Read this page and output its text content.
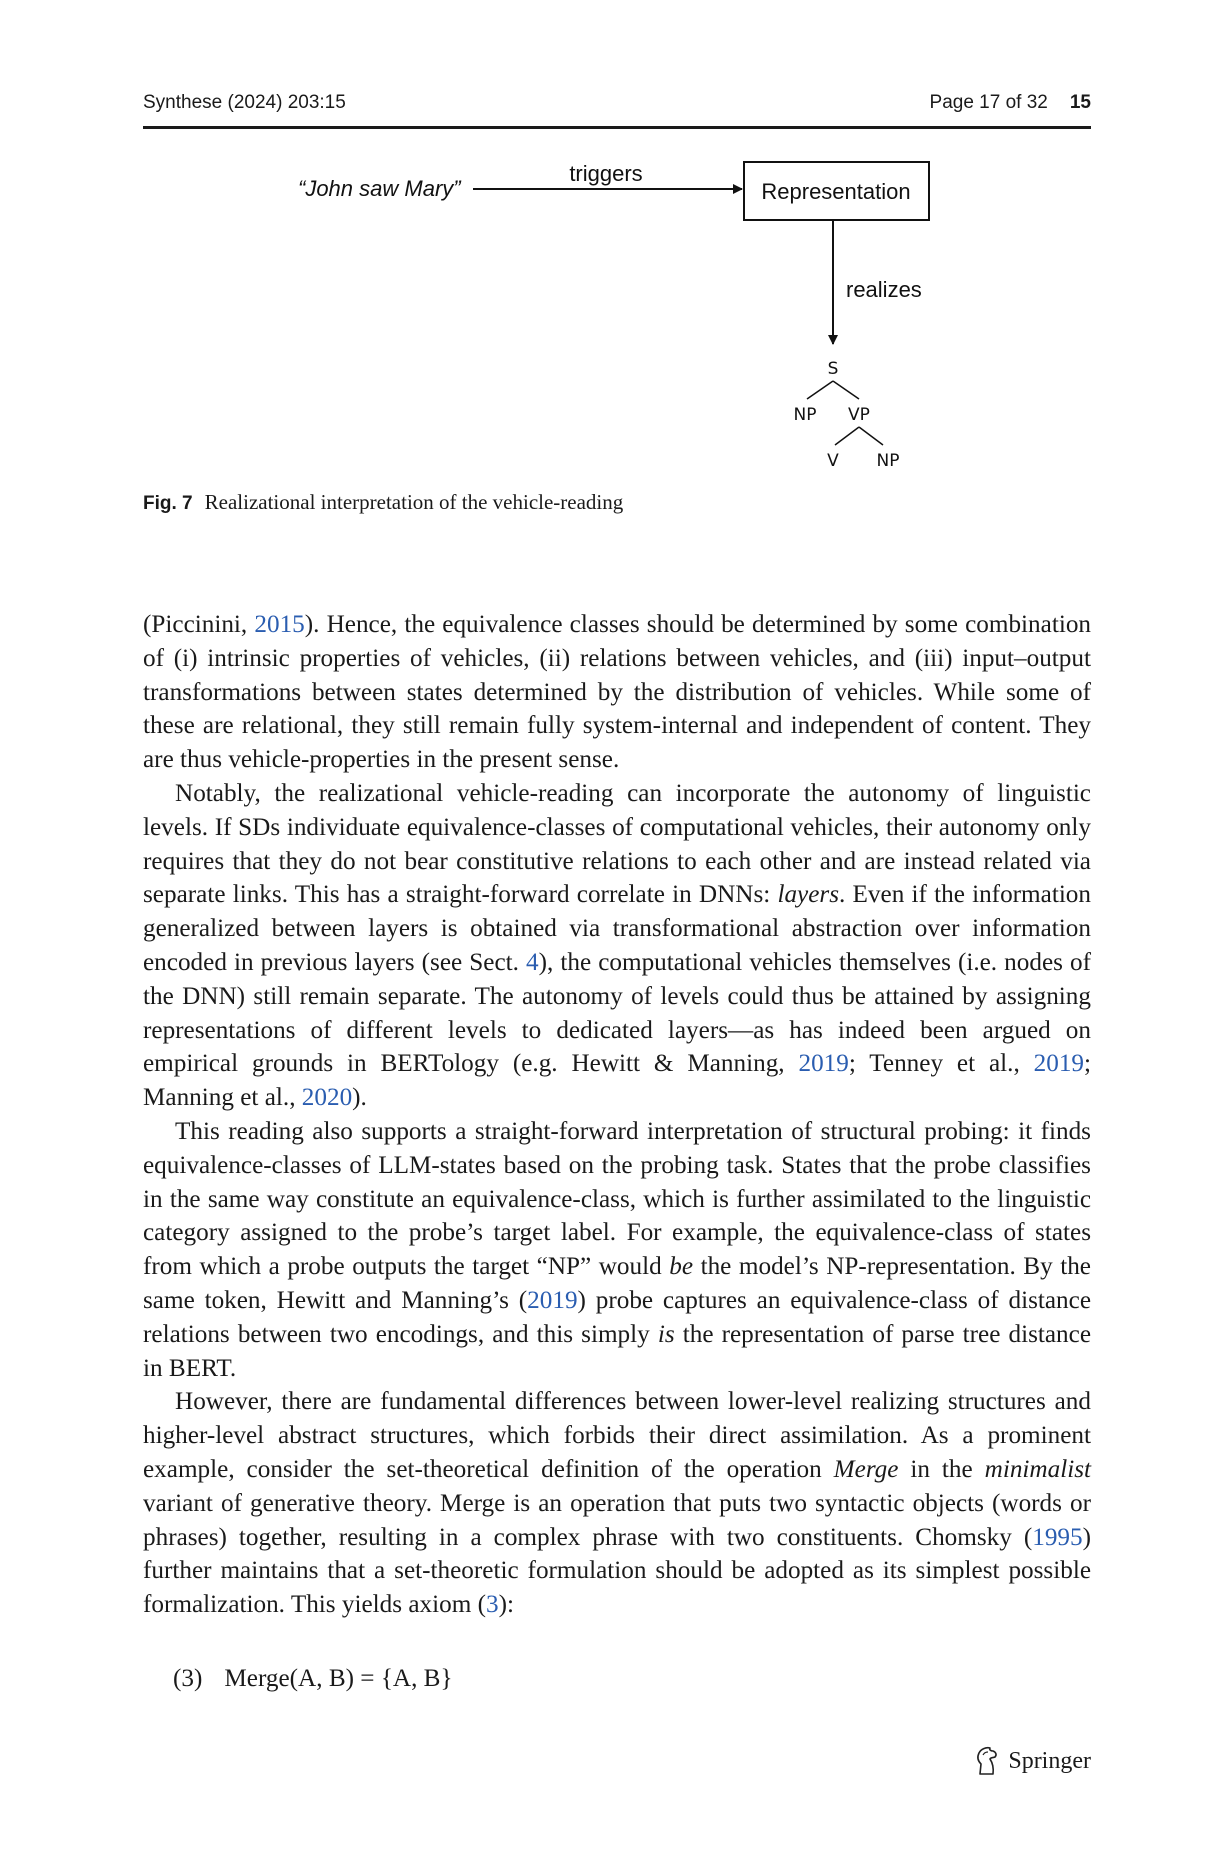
Synthese (2024) 203:15	Page 17 of 32 15
“John saw Mary”
triggers
Representation
realizes
S
NP VP
V NP
Fig. 7 Realizational interpretation of the vehicle-reading

(Piccinini, 2015). Hence, the equivalence classes should be determined by some combination of (i) intrinsic properties of vehicles, (ii) relations between vehicles, and (iii) input–output transformations between states determined by the distribution of vehicles. While some of these are relational, they still remain fully system-internal and independent of content. They are thus vehicle-properties in the present sense.

Notably, the realizational vehicle-reading can incorporate the autonomy of linguistic levels. If SDs individuate equivalence-classes of computational vehicles, their autonomy only requires that they do not bear constitutive relations to each other and are instead related via separate links. This has a straight-forward correlate in DNNs: layers. Even if the information generalized between layers is obtained via transformational abstraction over information encoded in previous layers (see Sect. 4), the computational vehicles themselves (i.e. nodes of the DNN) still remain separate. The autonomy of levels could thus be attained by assigning representations of different levels to dedicated layers—as has indeed been argued on empirical grounds in BERTology (e.g. Hewitt & Manning, 2019; Tenney et al., 2019; Manning et al., 2020).

This reading also supports a straight-forward interpretation of structural probing: it finds equivalence-classes of LLM-states based on the probing task. States that the probe classifies in the same way constitute an equivalence-class, which is further assimilated to the linguistic category assigned to the probe’s target label. For example, the equivalence-class of states from which a probe outputs the target “NP” would be the model’s NP-representation. By the same token, Hewitt and Manning’s (2019) probe captures an equivalence-class of distance relations between two encodings, and this simply is the representation of parse tree distance in BERT.

However, there are fundamental differences between lower-level realizing structures and higher-level abstract structures, which forbids their direct assimilation. As a prominent example, consider the set-theoretical definition of the operation Merge in the minimalist variant of generative theory. Merge is an operation that puts two syntactic objects (words or phrases) together, resulting in a complex phrase with two constituents. Chomsky (1995) further maintains that a set-theoretic formulation should be adopted as its simplest possible formalization. This yields axiom (3):

(3) Merge(A, B) = {A, B}
Springer
